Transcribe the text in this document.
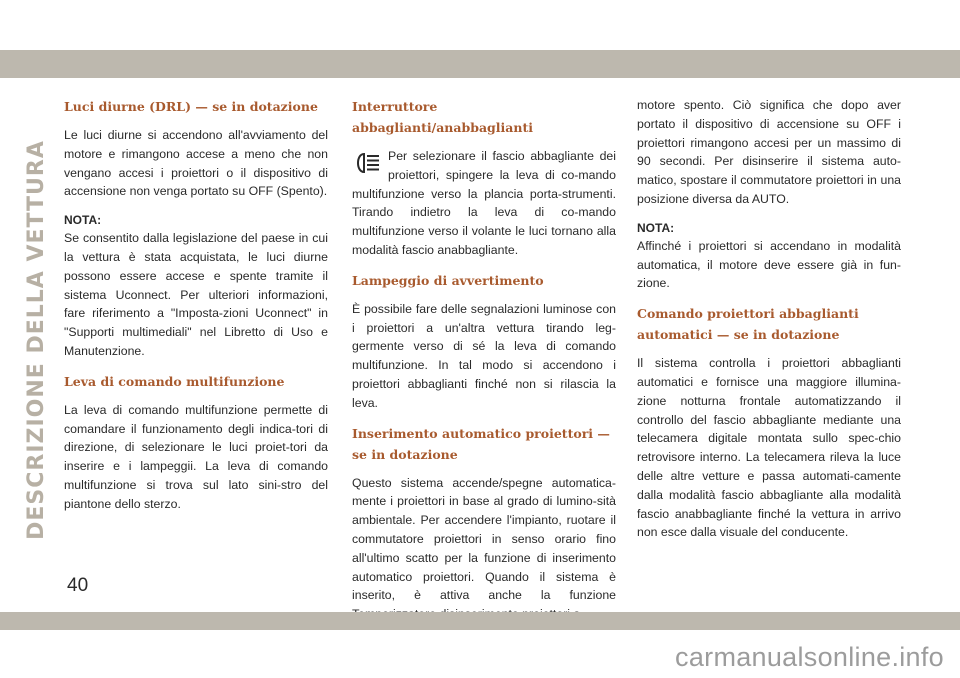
DESCRIZIONE DELLA VETTURA
Luci diurne (DRL) — se in dotazione

Le luci diurne si accendono all'avviamento del motore e rimangono accese a meno che non vengano accesi i proiettori o il dispositivo di accensione non venga portato su OFF (Spento).

NOTA:

Se consentito dalla legislazione del paese in cui la vettura è stata acquistata, le luci diurne possono essere accese e spente tramite il sistema Uconnect. Per ulteriori informazioni, fare riferimento a "Imposta-zioni Uconnect" in "Supporti multimediali" nel Libretto di Uso e Manutenzione.

Leva di comando multifunzione

La leva di comando multifunzione permette di comandare il funzionamento degli indica-tori di direzione, di selezionare le luci proiet-tori da inserire e i lampeggii. La leva di comando multifunzione si trova sul lato sini-stro del piantone dello sterzo.

Interruttore abbaglianti/anabbaglianti

Per selezionare il fascio abbagliante dei proiettori, spingere la leva di co-mando multifunzione verso la plancia porta-strumenti. Tirando indietro la leva di co-mando multifunzione verso il volante le luci tornano alla modalità fascio anabbagliante.

Lampeggio di avvertimento

È possibile fare delle segnalazioni luminose con i proiettori a un'altra vettura tirando leg-germente verso di sé la leva di comando multifunzione. In tal modo si accendono i proiettori abbaglianti finché non si rilascia la leva.

Inserimento automatico proiettori — se in dotazione

Questo sistema accende/spegne automatica-mente i proiettori in base al grado di lumino-sità ambientale. Per accendere l'impianto, ruotare il commutatore proiettori in senso orario fino all'ultimo scatto per la funzione di inserimento automatico proiettori. Quando il sistema è inserito, è attiva anche la funzione

motore spento. Ciò significa che dopo aver portato il dispositivo di accensione su OFF i proiettori rimangono accesi per un massimo di 90 secondi. Per disinserire il sistema auto-matico, spostare il commutatore proiettori in una posizione diversa da AUTO.

NOTA:

Affinché i proiettori si accendano in modalità automatica, il motore deve essere già in fun-zione.

Comando proiettori abbaglianti automatici — se in dotazione

Il sistema controlla i proiettori abbaglianti automatici e fornisce una maggiore illumina-zione notturna frontale automatizzando il controllo del fascio abbagliante mediante una telecamera digitale montata sullo spec-chio retrovisore interno. La telecamera rileva la luce delle altre vetture e passa automati-camente dalla modalità fascio abbagliante alla modalità fascio anabbagliante finché la vettura in arrivo non esce dalla visuale del conducente.

40
carmanualsonline.info
